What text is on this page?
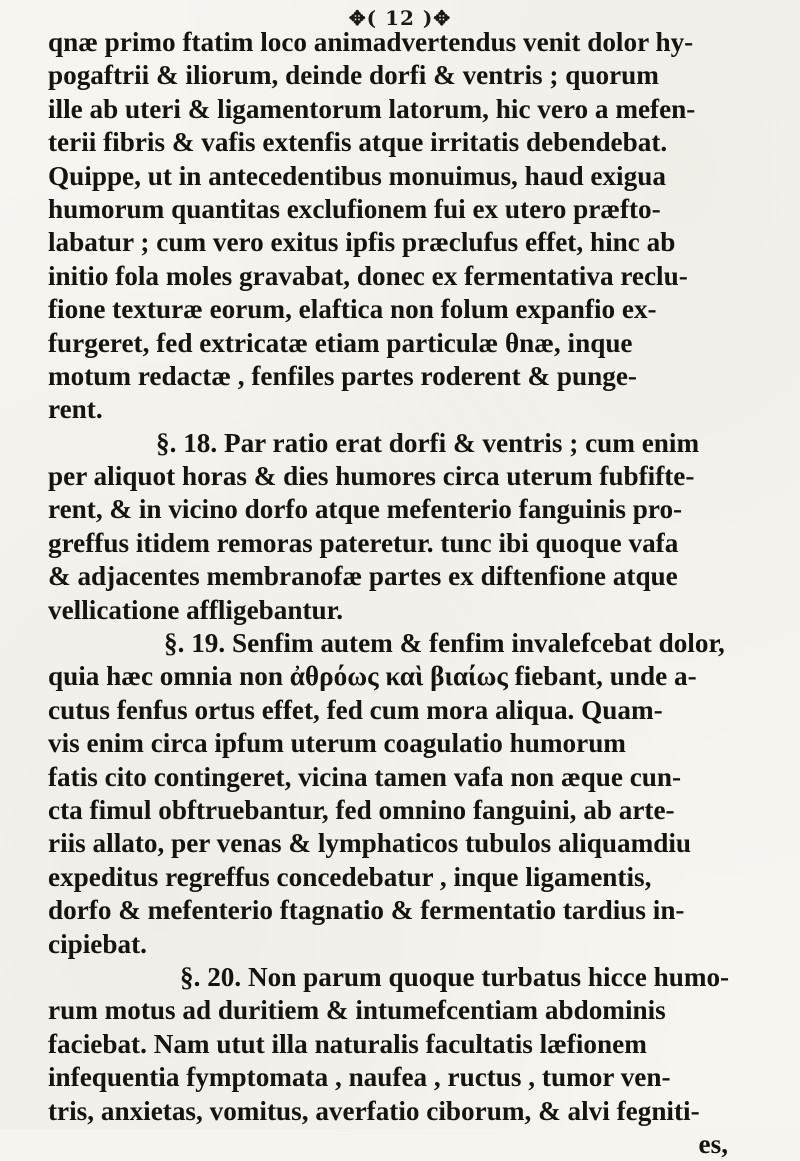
✥( 12 )✥
qnæ primo ftatim loco animadvertendus venit dolor hy-
pogaftrii & iliorum, deinde dorfi & ventris ; quorum
ille ab uteri & ligamentorum latorum, hic vero a mefen-
terii fibris & vafis extenfis atque irritatis debendebat.
Quippe, ut in antecedentibus monuimus, haud exigua
humorum quantitas exclufionem fui ex utero præfto-
labatur ; cum vero exitus ipfis præclufus effet, hinc ab
initio fola moles gravabat, donec ex fermentativa reclu-
fione texturæ eorum, elaftica non folum expanfio ex-
furgeret, fed extricatæ etiam particulæ θnæ, inque
motum redactæ , fenfiles partes roderent & punge-
rent.
§. 18. Par ratio erat dorfi & ventris ; cum enim
per aliquot horas & dies humores circa uterum fubfifte-
rent, & in vicino dorfo atque mefenterio fanguinis pro-
greffus itidem remoras pateretur. tunc ibi quoque vafa
& adjacentes membranofæ partes ex diftenfione atque
vellicatione affligebantur.
§. 19. Senfim autem & fenfim invalefcebat dolor,
quia hæc omnia non ἀθρόως καὶ βιαίως fiebant, unde a-
cutus fenfus ortus effet, fed cum mora aliqua. Quam-
vis enim circa ipfum uterum coagulatio humorum
fatis cito contingeret, vicina tamen vafa non æque cun-
cta fimul obftruebantur, fed omnino fanguini, ab arte-
riis allato, per venas & lymphaticos tubulos aliquamdiu
expeditus regreffus concedebatur , inque ligamentis,
dorfo & mefenterio ftagnatio & fermentatio tardius in-
cipiebat.
§. 20. Non parum quoque turbatus hicce humo-
rum motus ad duritiem & intumefcentiam abdominis
faciebat. Nam utut illa naturalis facultatis læfionem
infequentia fymptomata , naufea , ructus , tumor ven-
tris, anxietas, vomitus, averfatio ciborum, & alvi fegniti-
es,
